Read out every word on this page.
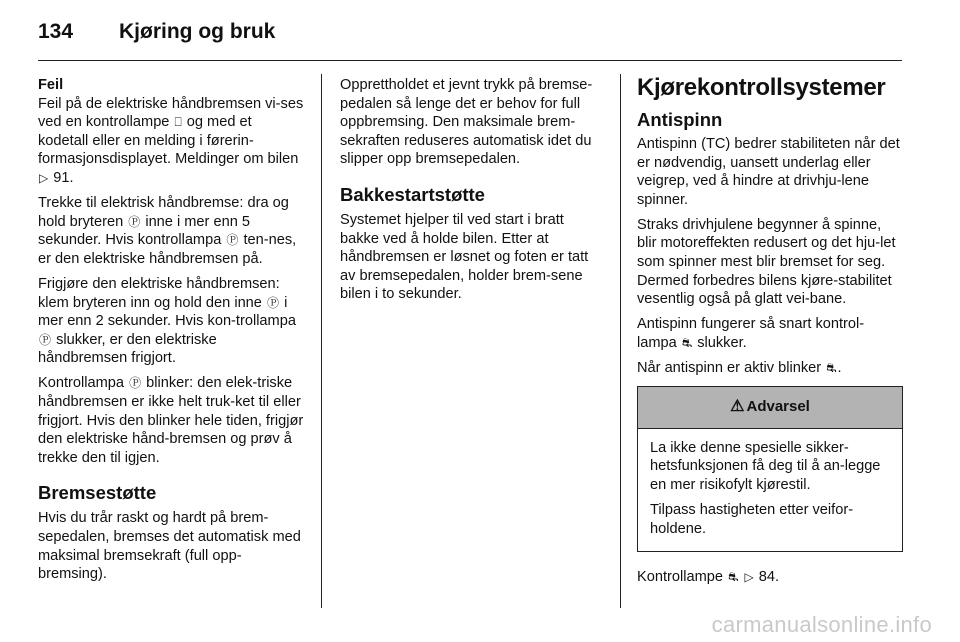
134	Kjøring og bruk
Feil

Feil på de elektriske håndbremsen vi-ses ved en kontrollampe ⎕ og med et kodetall eller en melding i førerin-formasjonsdisplayet. Meldinger om bilen ▷ 91.

Trekke til elektrisk håndbremse: dra og hold bryteren Ⓟ inne i mer enn 5 sekunder. Hvis kontrollampa Ⓟ ten-nes, er den elektriske håndbremsen på.

Frigjøre den elektriske håndbremsen: klem bryteren inn og hold den inne Ⓟ i mer enn 2 sekunder. Hvis kon-trollampa Ⓟ slukker, er den elektriske håndbremsen frigjort.

Kontrollampa Ⓟ blinker: den elek-triske håndbremsen er ikke helt truk-ket til eller frigjort. Hvis den blinker hele tiden, frigjør den elektriske hånd-bremsen og prøv å trekke den til igjen.

Bremsestøtte

Hvis du trår raskt og hardt på brem-sepedalen, bremses det automatisk med maksimal bremsekraft (full opp-bremsing).

Opprettholdet et jevnt trykk på bremse-pedalen så lenge det er behov for full oppbremsing. Den maksimale brem-sekraften reduseres automatisk idet du slipper opp bremsepedalen.

Bakkestartstøtte

Systemet hjelper til ved start i bratt bakke ved å holde bilen. Etter at håndbremsen er løsnet og foten er tatt av bremsepedalen, holder brem-sene bilen i to sekunder.

Kjørekontrollsystemer
Antispinn

Antispinn (TC) bedrer stabiliteten når det er nødvendig, uansett underlag eller veigrep, ved å hindre at drivhju-lene spinner.

Straks drivhjulene begynner å spinne, blir motoreffekten redusert og det hju-let som spinner mest blir bremset for seg. Dermed forbedres bilens kjøre-stabilitet vesentlig også på glatt vei-bane.

Antispinn fungerer så snart kontrol-lampa ⛐ slukker.

Når antispinn er aktiv blinker ⛐.

⚠ Advarsel

La ikke denne spesielle sikker-hetsfunksjonen få deg til å an-legge en mer risikofylt kjørestil.

Tilpass hastigheten etter veifor-holdene.

Kontrollampe ⛐ ▷ 84.

carmanualsonline.info
